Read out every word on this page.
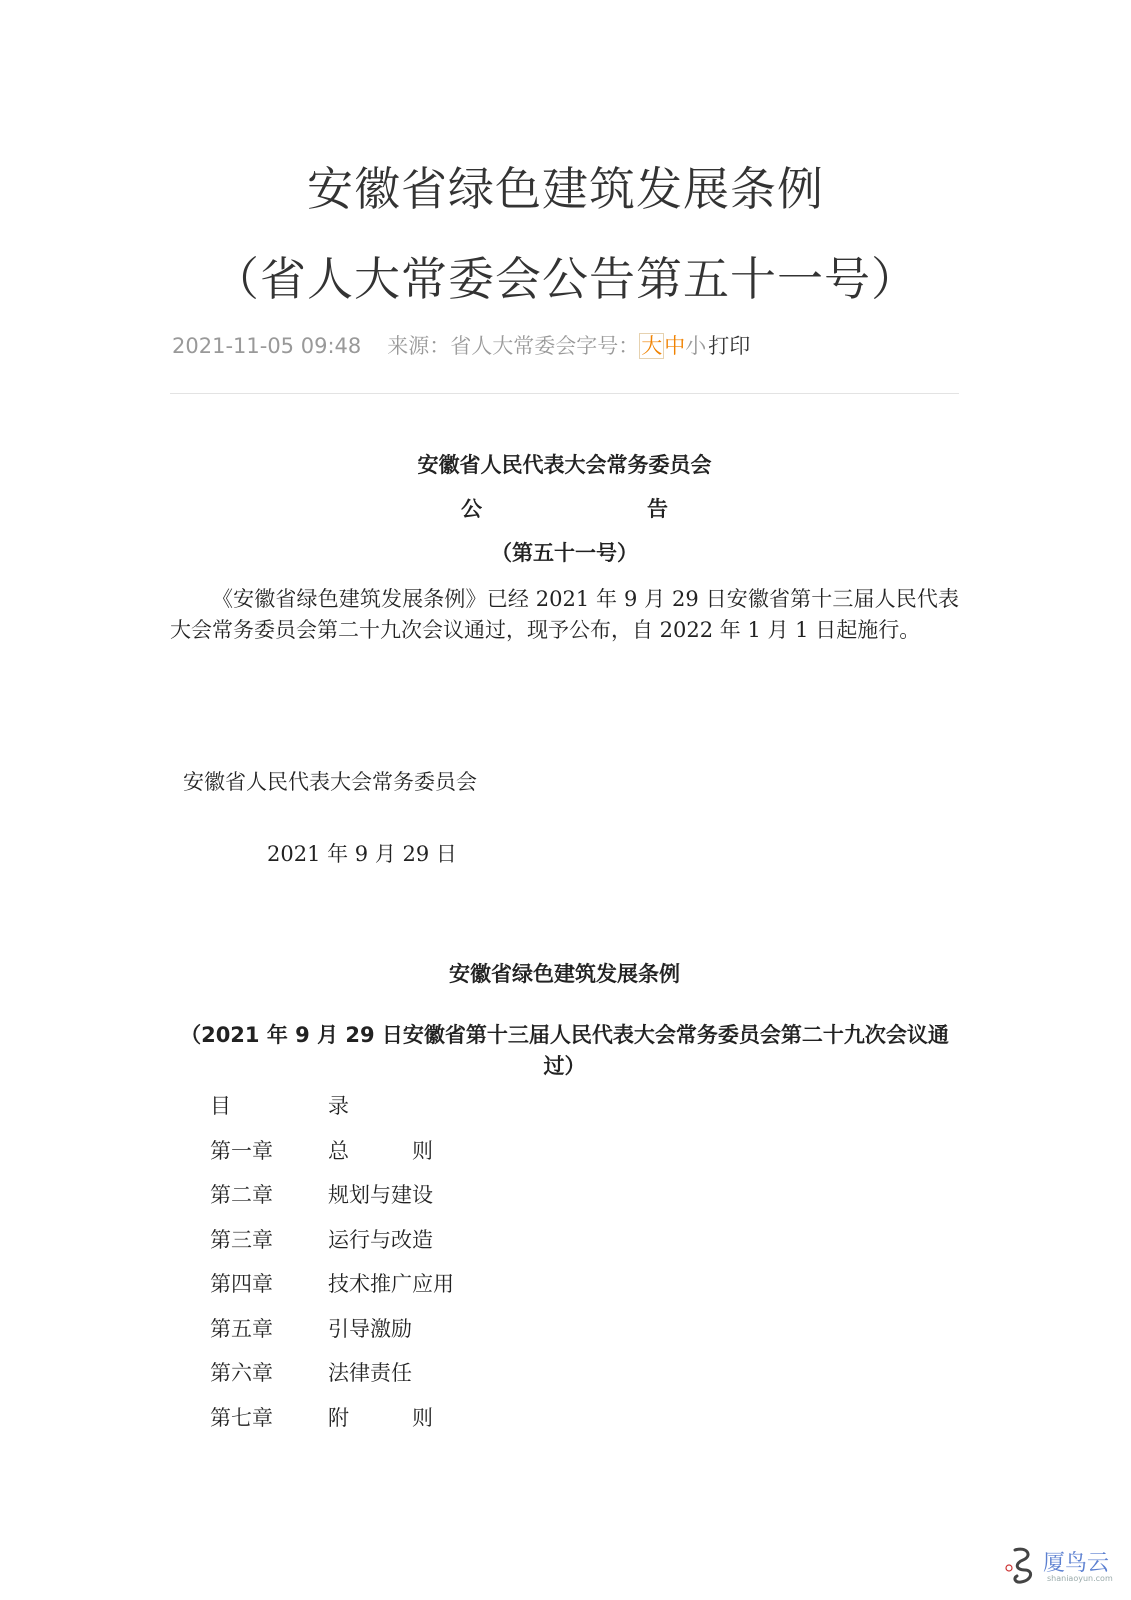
安徽省绿色建筑发展条例
（省人大常委会公告第五十一号）
2021-11-05 09:48 来源：省人大常委会字号：大中小打印
安徽省人民代表大会常务委员会
公	告
（第五十一号）
《安徽省绿色建筑发展条例》已经 2021 年 9 月 29 日安徽省第十三届人民代表大会常务委员会第二十九次会议通过，现予公布，自 2022 年 1 月 1 日起施行。
安徽省人民代表大会常务委员会
2021 年 9 月 29 日
安徽省绿色建筑发展条例
（2021 年 9 月 29 日安徽省第十三届人民代表大会常务委员会第二十九次会议通过）
目	录
第一章	总　　　则
第二章	规划与建设
第三章	运行与改造
第四章	技术推广应用
第五章	引导激励
第六章	法律责任
第七章	附　　　则
厦鸟云
shaniaoyun.com
